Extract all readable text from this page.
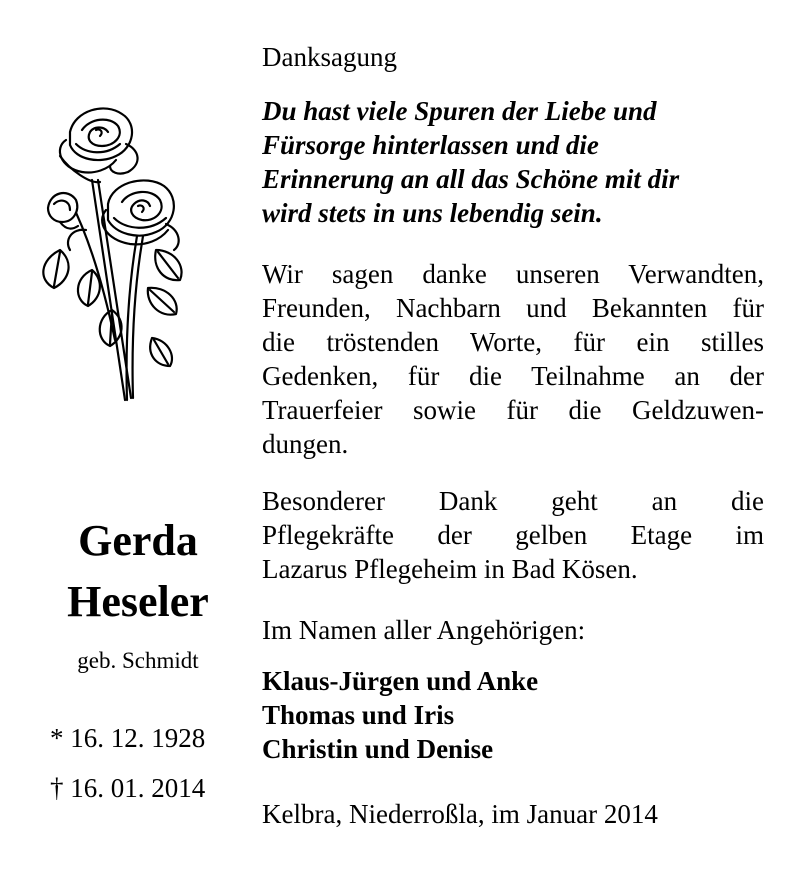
Gerda
Heseler
geb. Schmidt
* 16. 12. 1928
† 16. 01. 2014
Danksagung
Du hast viele Spuren der Liebe und
Fürsorge hinterlassen und die
Erinnerung an all das Schöne mit dir
wird stets in uns lebendig sein.
Wir sagen danke unseren Verwandten,
Freunden, Nachbarn und Bekannten für
die tröstenden Worte, für ein stilles
Gedenken, für die Teilnahme an der
Trauerfeier sowie für die Geldzuwen-
dungen.
Besonderer Dank geht an die
Pflegekräfte der gelben Etage im
Lazarus Pflegeheim in Bad Kösen.
Im Namen aller Angehörigen:
Klaus-Jürgen und Anke
Thomas und Iris
Christin und Denise
Kelbra, Niederroßla, im Januar 2014
